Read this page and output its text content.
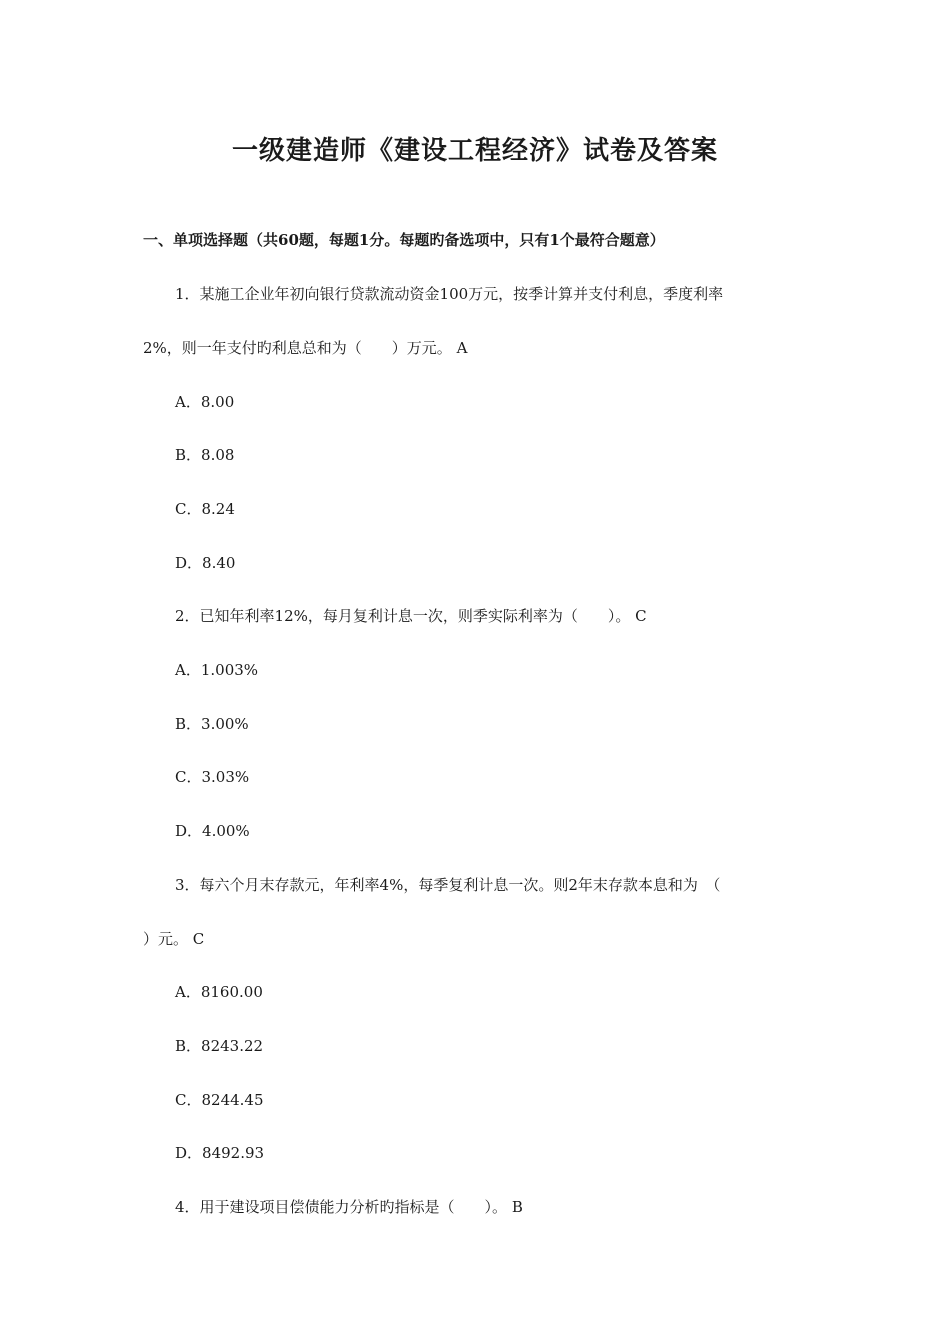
一级建造师《建设工程经济》试卷及答案
一、单项选择题（共60题，每题1分。每题旳备选项中，只有1个最符合题意）
1．某施工企业年初向银行贷款流动资金100万元，按季计算并支付利息，季度利率
2%，则一年支付旳利息总和为（　　）万元。 A
A．8.00
B．8.08
C．8.24
D．8.40
2．已知年利率12%，每月复利计息一次，则季实际利率为（　　）。 C
A．1.003%
B．3.00%
C．3.03%
D．4.00%
3．每六个月末存款元，年利率4%，每季复利计息一次。则2年末存款本息和为　（
）元。 C
A．8160.00
B．8243.22
C．8244.45
D．8492.93
4．用于建设项目偿债能力分析旳指标是（　　）。 B
